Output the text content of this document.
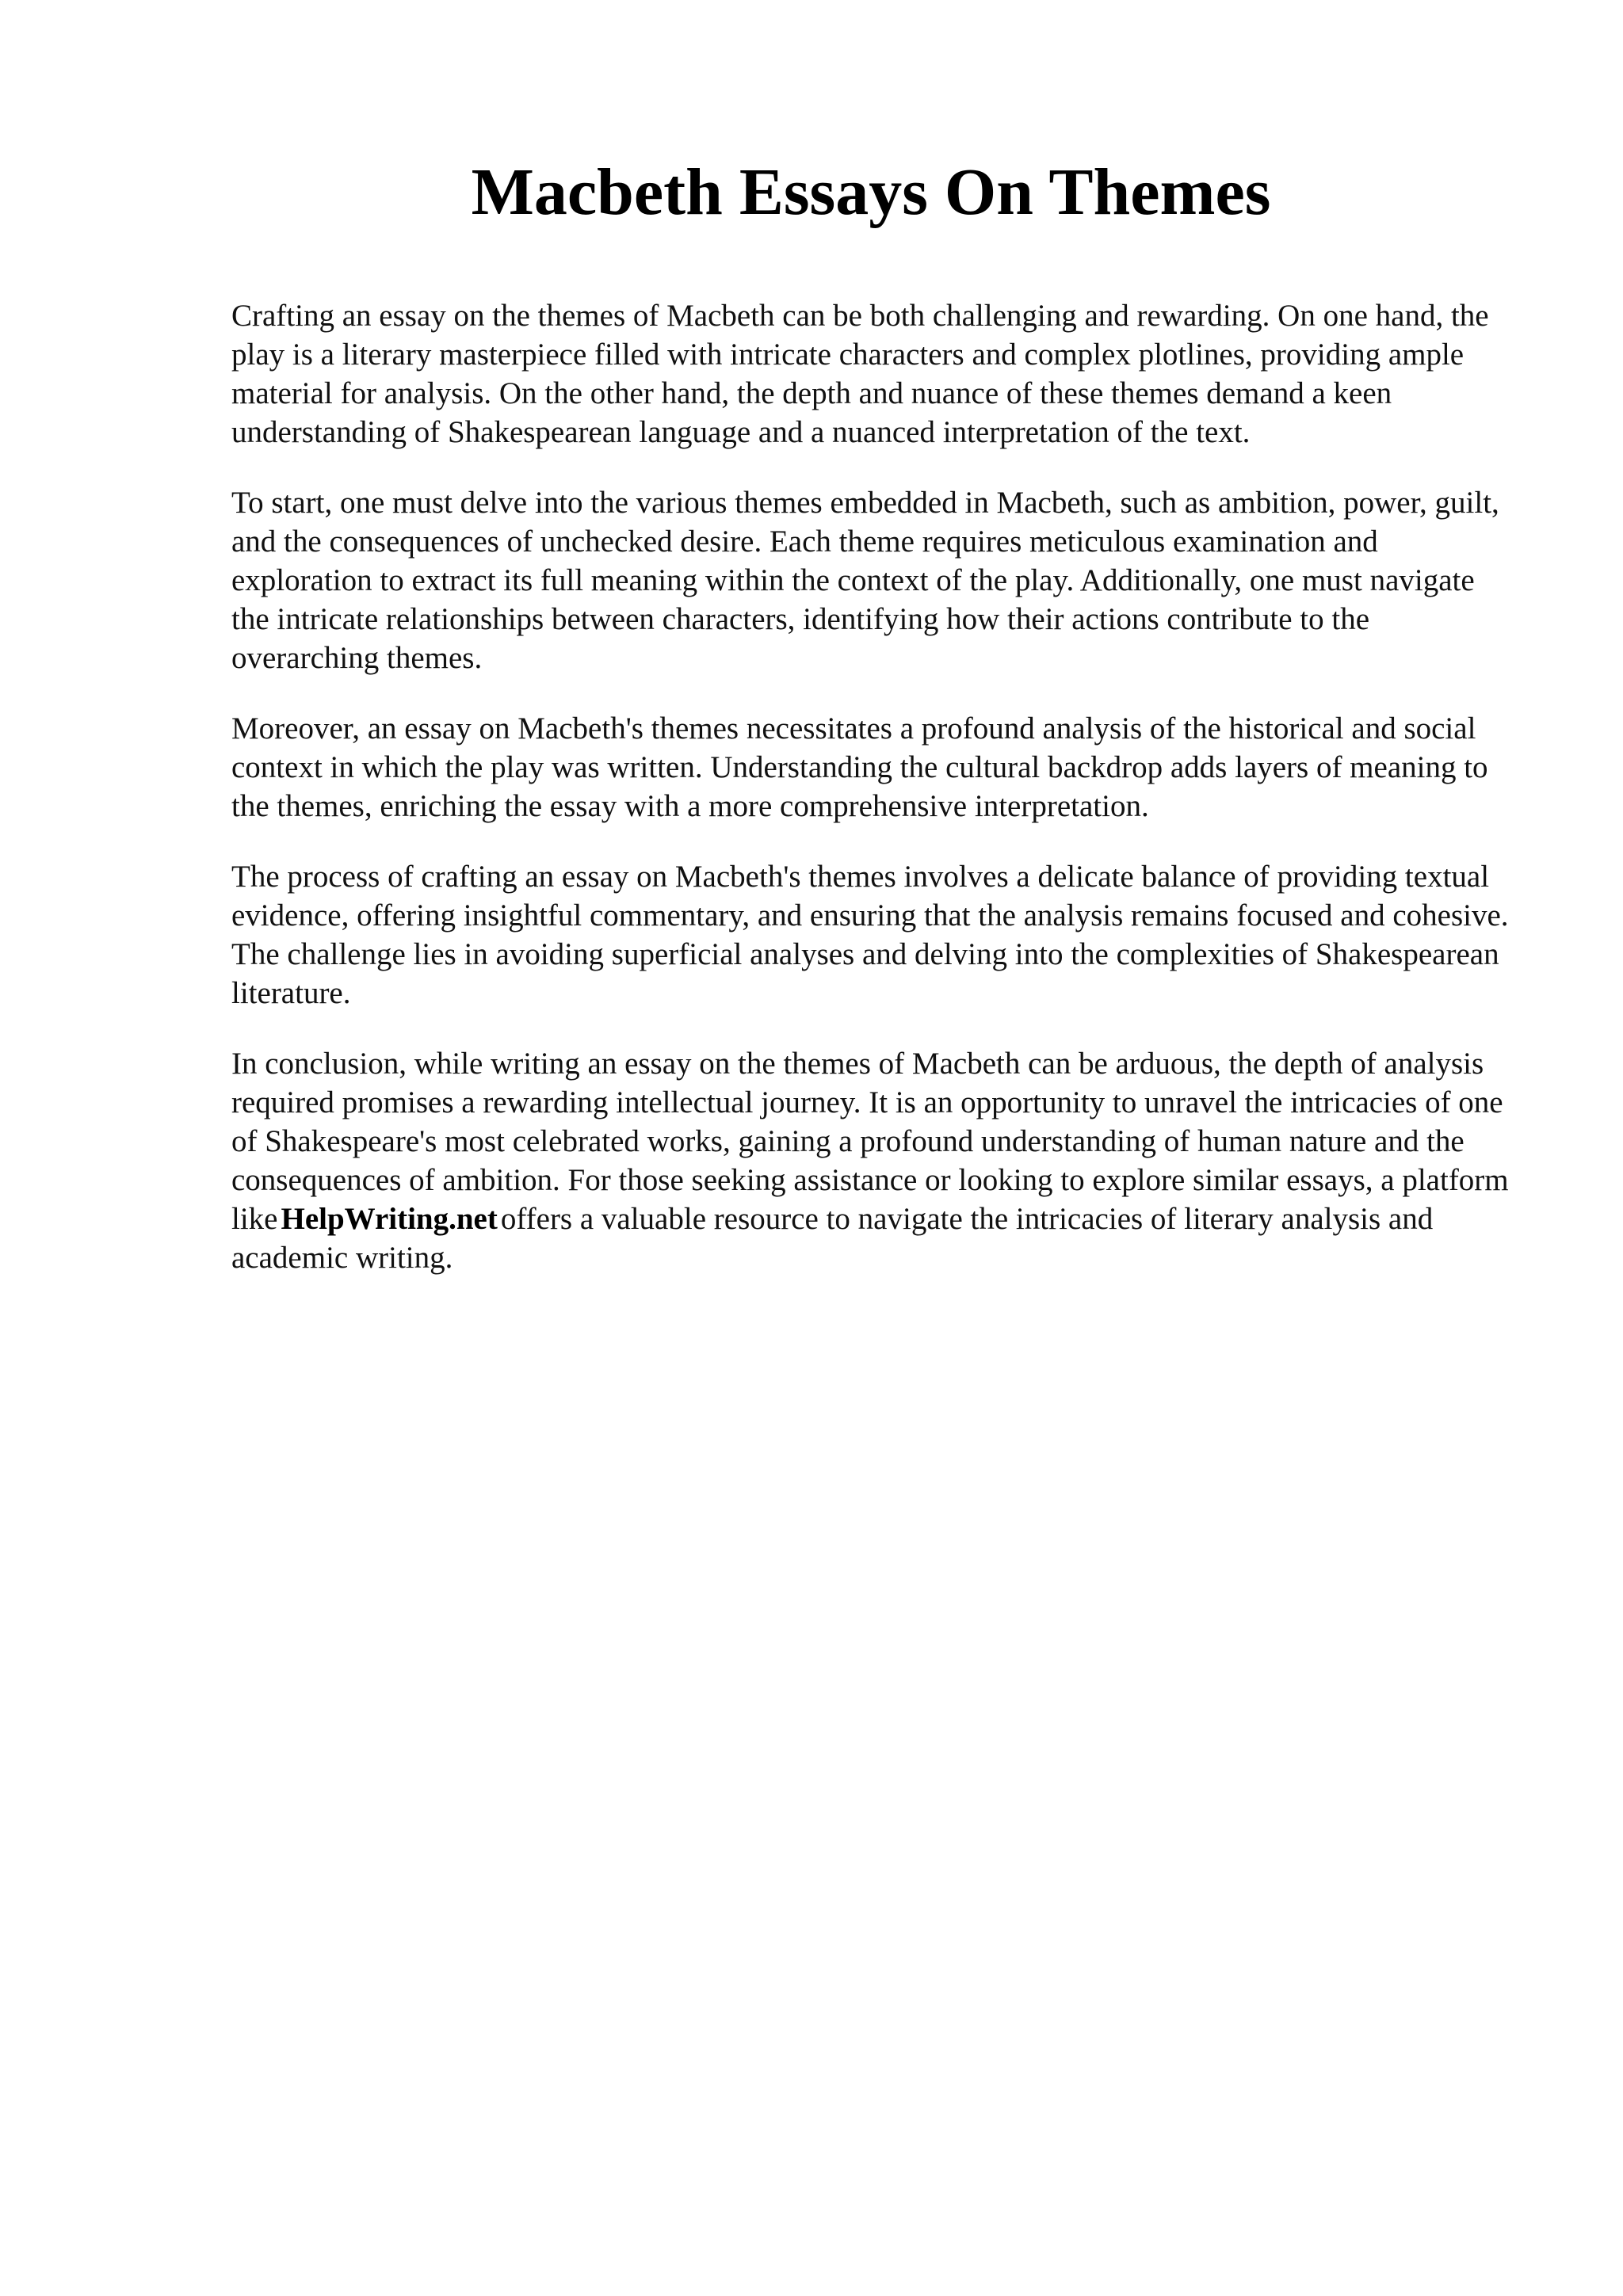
Macbeth Essays On Themes

Crafting an essay on the themes of Macbeth can be both challenging and rewarding. On one hand, the play is a literary masterpiece filled with intricate characters and complex plotlines, providing ample material for analysis. On the other hand, the depth and nuance of these themes demand a keen understanding of Shakespearean language and a nuanced interpretation of the text.

To start, one must delve into the various themes embedded in Macbeth, such as ambition, power, guilt, and the consequences of unchecked desire. Each theme requires meticulous examination and exploration to extract its full meaning within the context of the play. Additionally, one must navigate the intricate relationships between characters, identifying how their actions contribute to the overarching themes.

Moreover, an essay on Macbeth's themes necessitates a profound analysis of the historical and social context in which the play was written. Understanding the cultural backdrop adds layers of meaning to the themes, enriching the essay with a more comprehensive interpretation.

The process of crafting an essay on Macbeth's themes involves a delicate balance of providing textual evidence, offering insightful commentary, and ensuring that the analysis remains focused and cohesive. The challenge lies in avoiding superficial analyses and delving into the complexities of Shakespearean literature.

In conclusion, while writing an essay on the themes of Macbeth can be arduous, the depth of analysis required promises a rewarding intellectual journey. It is an opportunity to unravel the intricacies of one of Shakespeare's most celebrated works, gaining a profound understanding of human nature and the consequences of ambition. For those seeking assistance or looking to explore similar essays, a platform like HelpWriting.net offers a valuable resource to navigate the intricacies of literary analysis and academic writing.
